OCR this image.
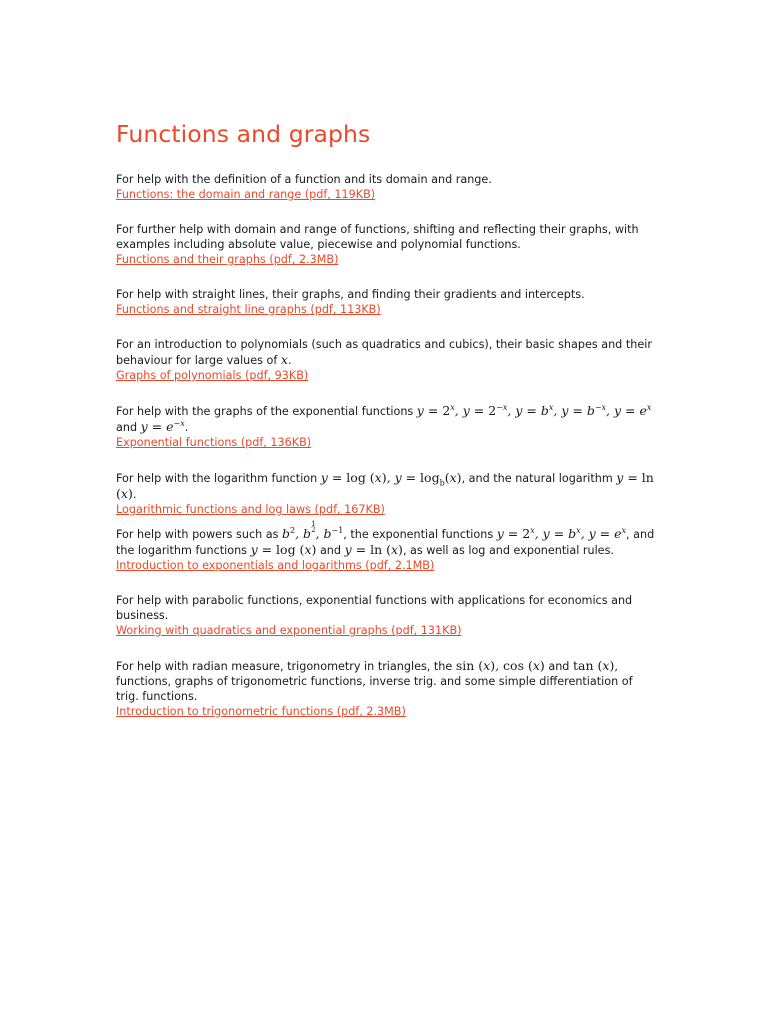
Functions and graphs

For help with the definition of a function and its domain and range.

Functions: the domain and range (pdf, 119KB)

For further help with domain and range of functions, shifting and reflecting their graphs, with examples including absolute value, piecewise and polynomial functions.

Functions and their graphs (pdf, 2.3MB)

For help with straight lines, their graphs, and finding their gradients and intercepts.

Functions and straight line graphs (pdf, 113KB)

For an introduction to polynomials (such as quadratics and cubics), their basic shapes and their behaviour for large values of x.

Graphs of polynomials (pdf, 93KB)

For help with the graphs of the exponential functions $y = 2^x$, $y = 2^{-x}$, $y = b^x$, $y = b^{-x}$, $y = e^x$ and $y = e^{-x}$.

Exponential functions (pdf, 136KB)

For help with the logarithm function y = log (x), $y = \log_b(x)$, and the natural logarithm y = ln (x).

Logarithmic functions and log laws (pdf, 167KB)

For help with powers such as $b^2$, b1
2, $b^{-1}$, the exponential functions $y = 2^x$, $y = b^x$, $y = e^x$, and the logarithm functions y = log (x) and y = ln (x), as well as log and exponential rules.

Introduction to exponentials and logarithms (pdf, 2.1MB)

For help with parabolic functions, exponential functions with applications for economics and business.

Working with quadratics and exponential graphs (pdf, 131KB)

For help with radian measure, trigonometry in triangles, the sin (x), cos (x) and tan (x), functions, graphs of trigonometric functions, inverse trig. and some simple differentiation of trig. functions.

Introduction to trigonometric functions (pdf, 2.3MB)
